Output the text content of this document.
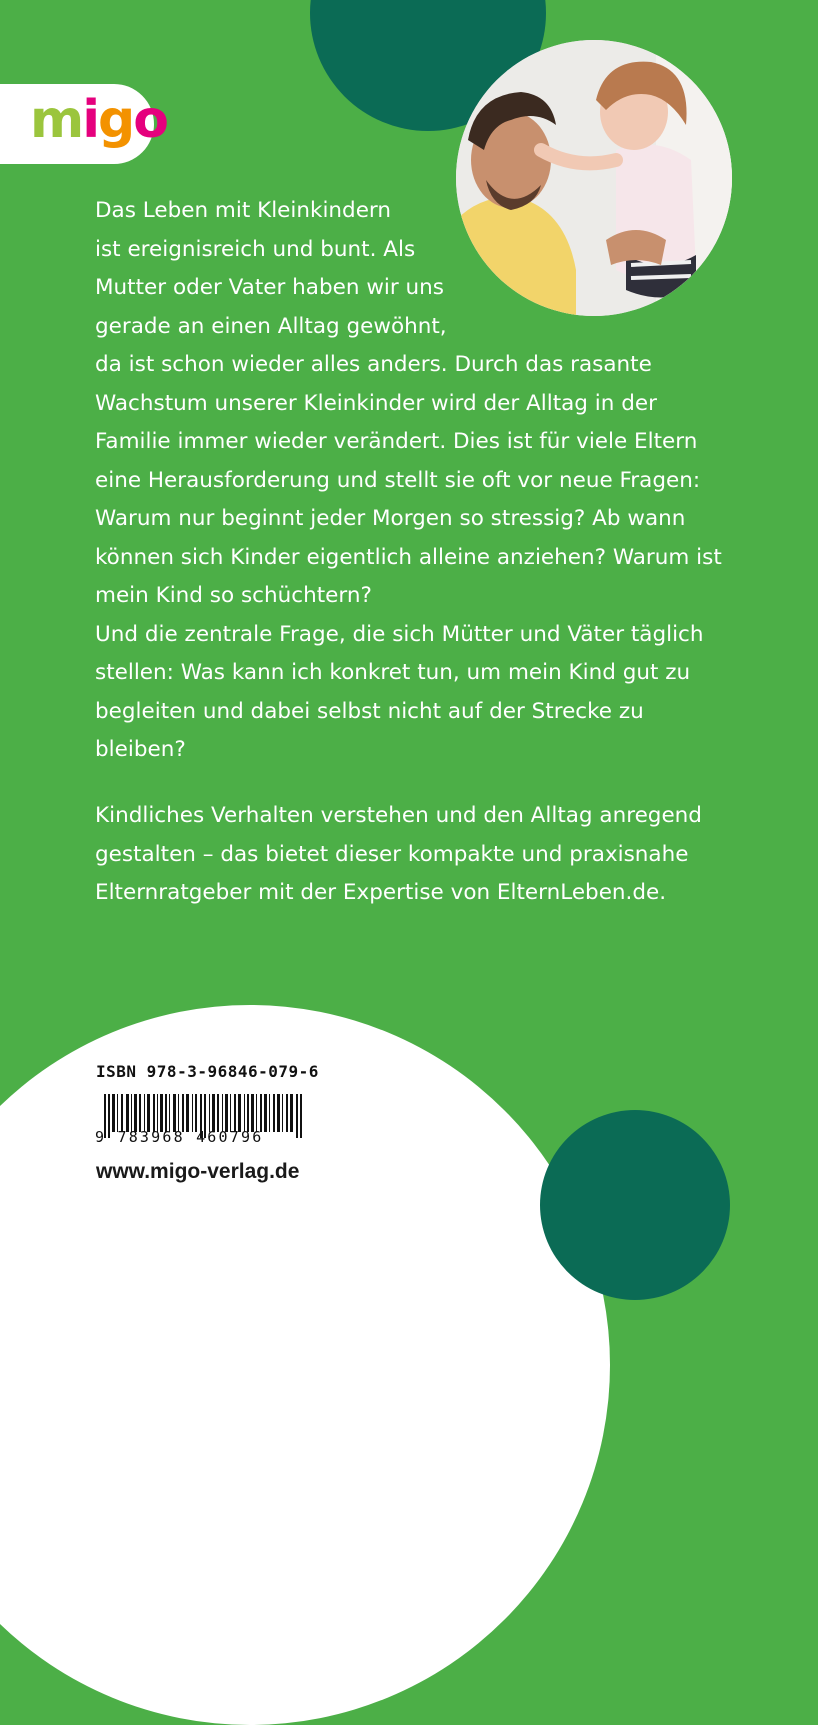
migo

Das Leben mit Kleinkindern
ist ereignisreich und bunt. Als
Mutter oder Vater haben wir uns
gerade an einen Alltag gewöhnt,
da ist schon wieder alles anders. Durch das rasante Wachstum unserer Kleinkinder wird der Alltag in der Familie immer wieder verändert. Dies ist für viele Eltern eine Herausforderung und stellt sie oft vor neue Fragen: Warum nur beginnt jeder Morgen so stressig? Ab wann können sich Kinder eigentlich alleine anziehen? Warum ist mein Kind so schüchtern?

Und die zentrale Frage, die sich Mütter und Väter täglich stellen: Was kann ich konkret tun, um mein Kind gut zu begleiten und dabei selbst nicht auf der Strecke zu bleiben?

Kindliches Verhalten verstehen und den Alltag anregend gestalten – das bietet dieser kompakte und praxisnahe Elternratgeber mit der Expertise von ElternLeben.de.

ISBN 978-3-96846-079-6
9 783968 460796
www.migo-verlag.de
